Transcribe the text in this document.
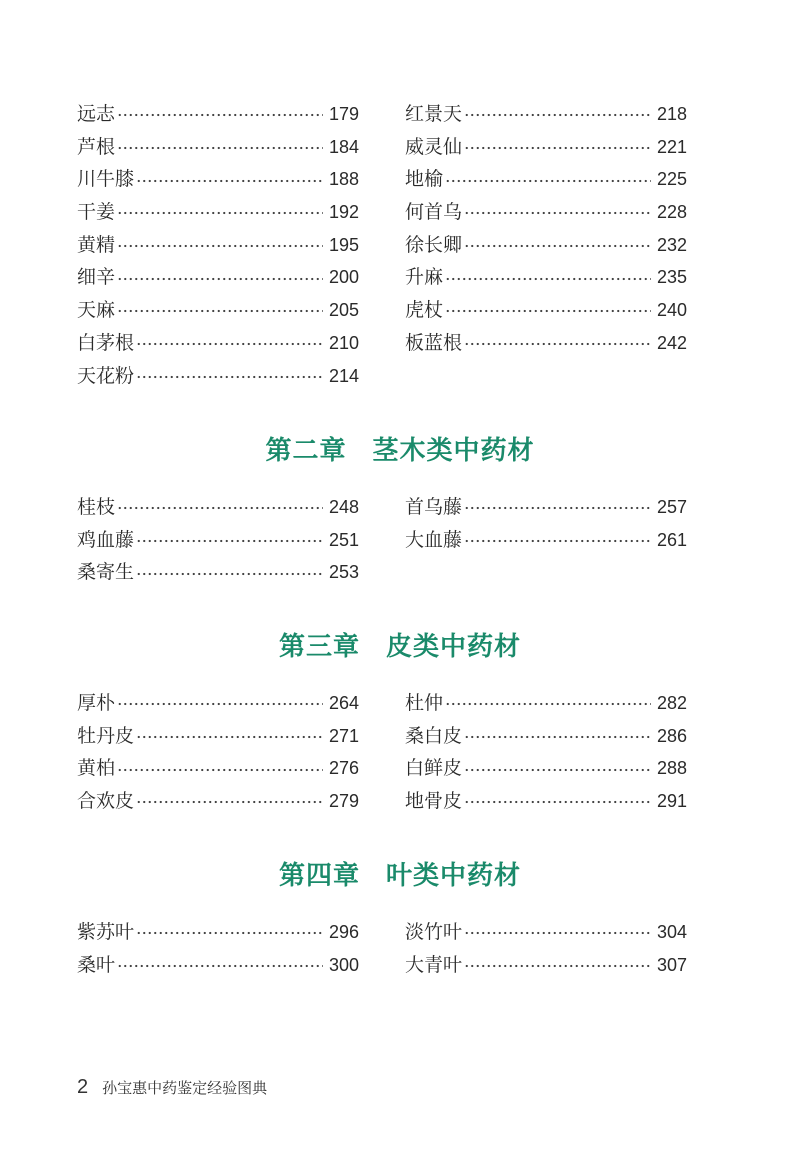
远志	179
芦根	184
川牛膝	188
干姜	192
黄精	195
细辛	200
天麻	205
白茅根	210
天花粉	214
红景天	218
威灵仙	221
地榆	225
何首乌	228
徐长卿	232
升麻	235
虎杖	240
板蓝根	242
第二章 茎木类中药材
桂枝	248
鸡血藤	251
桑寄生	253
首乌藤	257
大血藤	261
第三章 皮类中药材
厚朴	264
牡丹皮	271
黄柏	276
合欢皮	279
杜仲	282
桑白皮	286
白鲜皮	288
地骨皮	291
第四章 叶类中药材
紫苏叶	296
桑叶	300
淡竹叶	304
大青叶	307
2 孙宝惠中药鉴定经验图典
